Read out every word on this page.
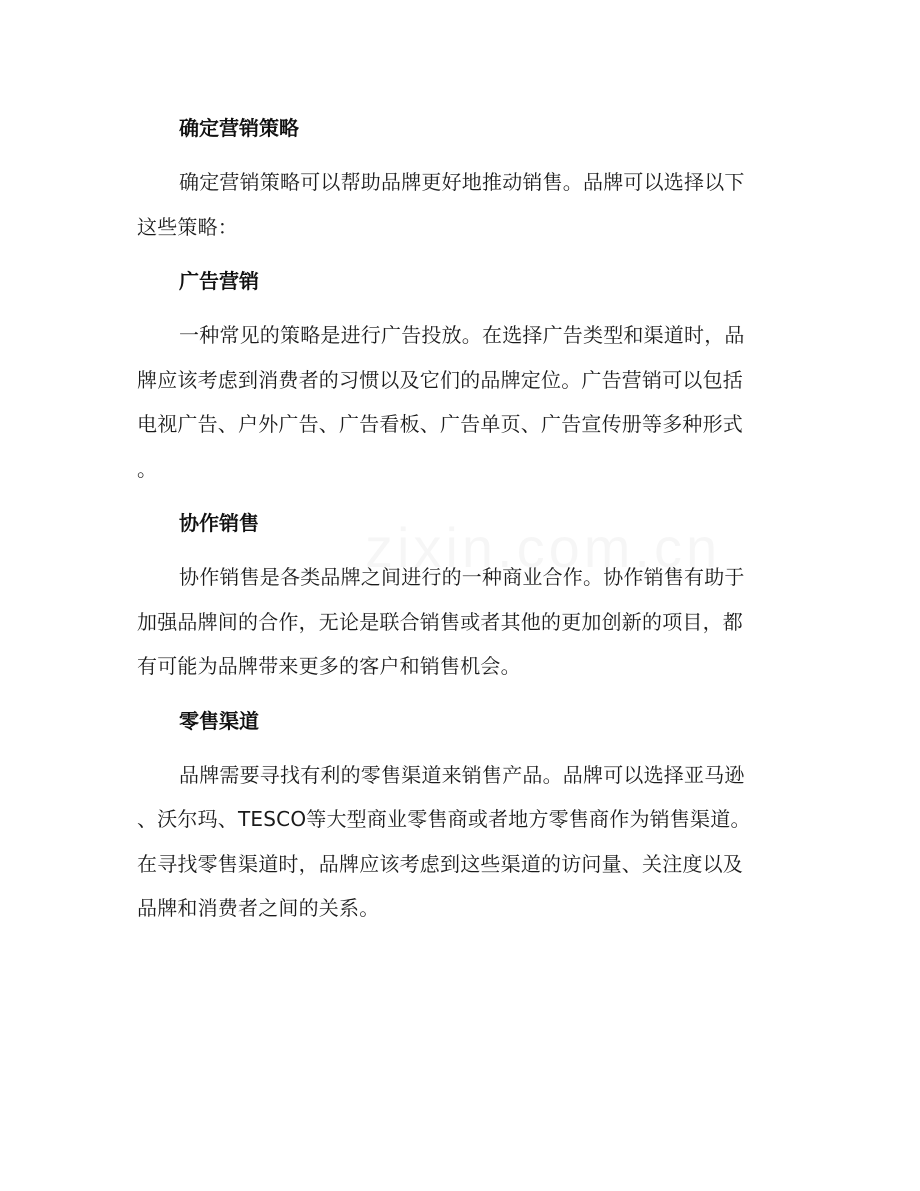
确定营销策略
确定营销策略可以帮助品牌更好地推动销售。品牌可以选择以下
这些策略：
广告营销
一种常见的策略是进行广告投放。在选择广告类型和渠道时，品
牌应该考虑到消费者的习惯以及它们的品牌定位。广告营销可以包括
电视广告、户外广告、广告看板、广告单页、广告宣传册等多种形式
。
协作销售
协作销售是各类品牌之间进行的一种商业合作。协作销售有助于
加强品牌间的合作，无论是联合销售或者其他的更加创新的项目，都
有可能为品牌带来更多的客户和销售机会。
零售渠道
品牌需要寻找有利的零售渠道来销售产品。品牌可以选择亚马逊
、沃尔玛、TESCO等大型商业零售商或者地方零售商作为销售渠道。
在寻找零售渠道时，品牌应该考虑到这些渠道的访问量、关注度以及
品牌和消费者之间的关系。
